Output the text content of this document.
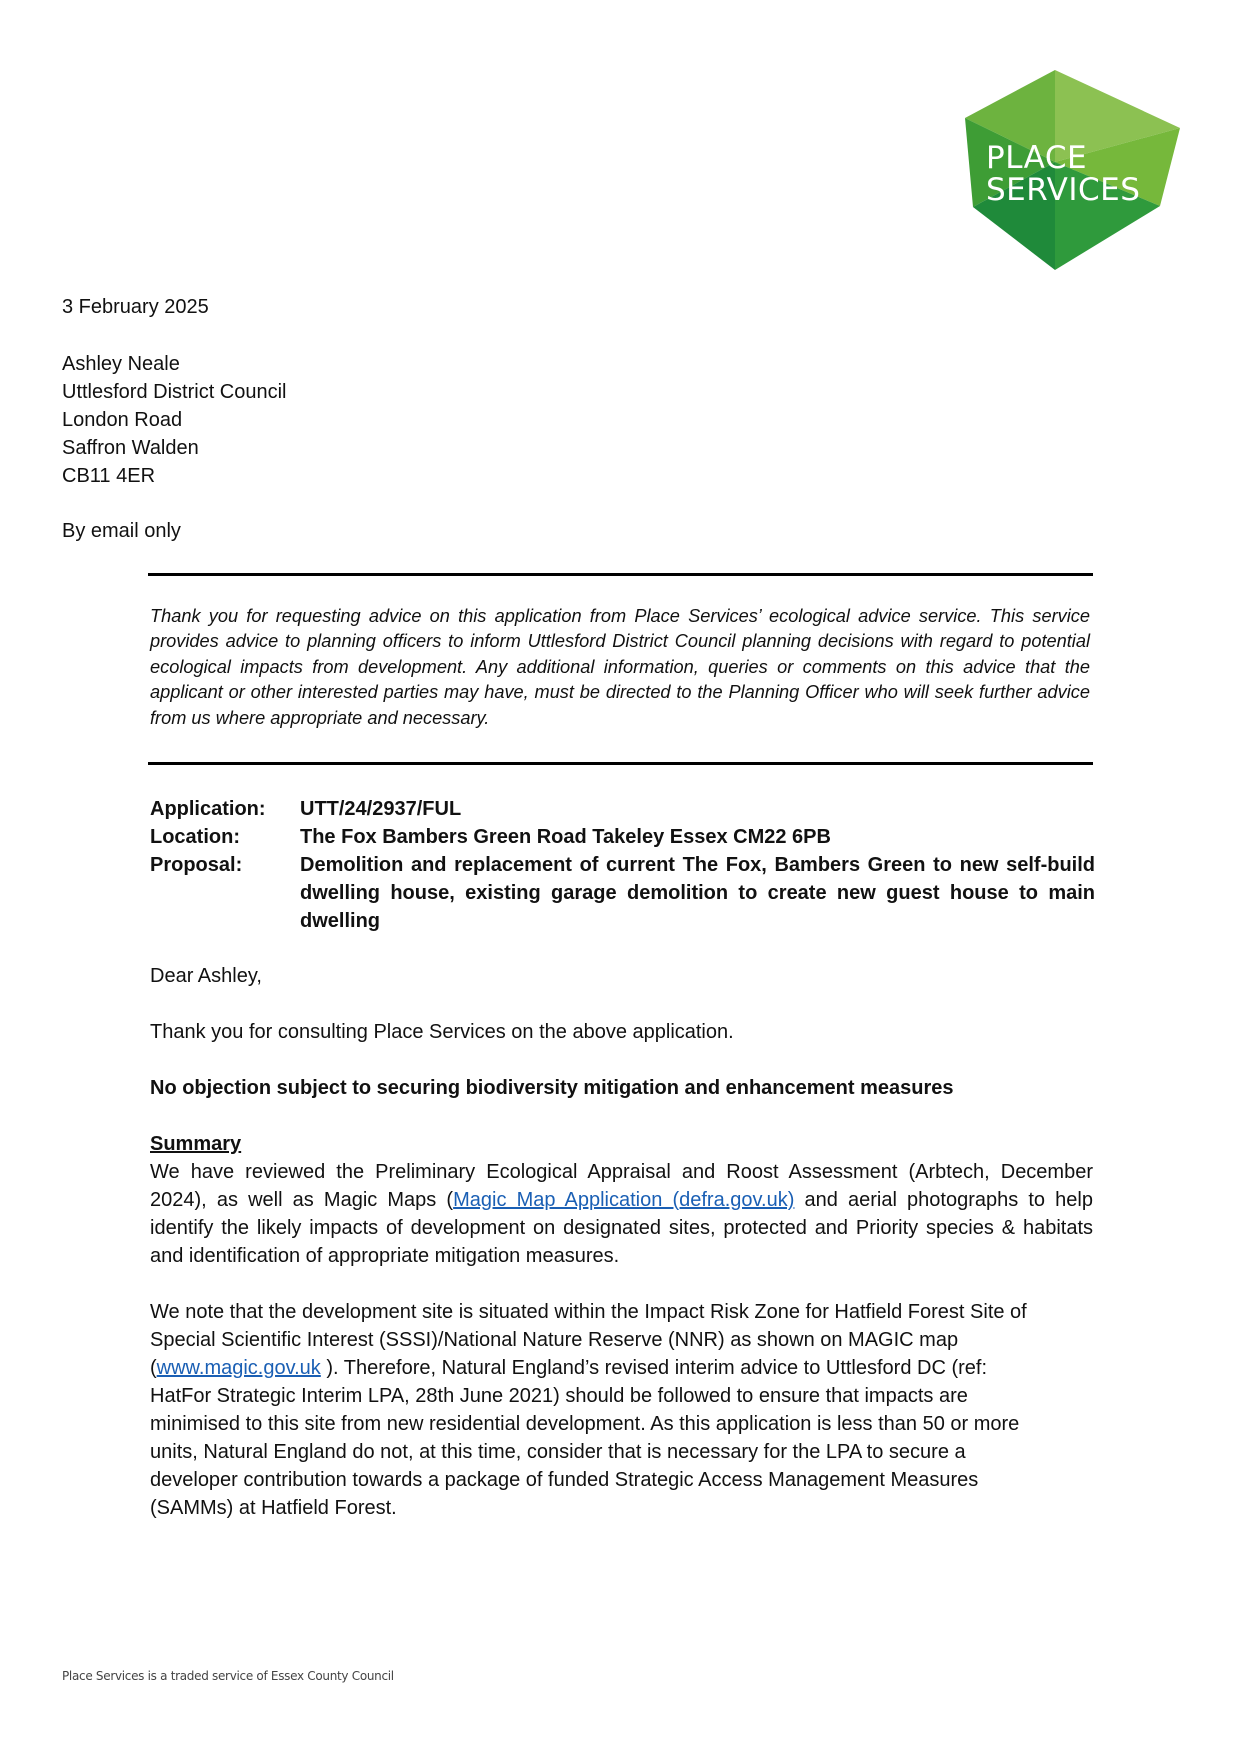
PLACE
SERVICES
3 February 2025
Ashley Neale
Uttlesford District Council
London Road
Saffron Walden
CB11 4ER
By email only
Thank you for requesting advice on this application from Place Services’ ecological advice service. This service provides advice to planning officers to inform Uttlesford District Council planning decisions with regard to potential ecological impacts from development. Any additional information, queries or comments on this advice that the applicant or other interested parties may have, must be directed to the Planning Officer who will seek further advice from us where appropriate and necessary.
Application:	UTT/24/2937/FUL
Location:	The Fox Bambers Green Road Takeley Essex CM22 6PB
Proposal:	Demolition and replacement of current The Fox, Bambers Green to new self-build dwelling house, existing garage demolition to create new guest house to main dwelling
Dear Ashley,
Thank you for consulting Place Services on the above application.
No objection subject to securing biodiversity mitigation and enhancement measures
Summary
We have reviewed the Preliminary Ecological Appraisal and Roost Assessment (Arbtech, December 2024), as well as Magic Maps (Magic Map Application (defra.gov.uk) and aerial photographs to help identify the likely impacts of development on designated sites, protected and Priority species & habitats and identification of appropriate mitigation measures.
We note that the development site is situated within the Impact Risk Zone for Hatfield Forest Site of
Special Scientific Interest (SSSI)/National Nature Reserve (NNR) as shown on MAGIC map
(www.magic.gov.uk ). Therefore, Natural England’s revised interim advice to Uttlesford DC (ref:
HatFor Strategic Interim LPA, 28th June 2021) should be followed to ensure that impacts are
minimised to this site from new residential development. As this application is less than 50 or more
units, Natural England do not, at this time, consider that is necessary for the LPA to secure a
developer contribution towards a package of funded Strategic Access Management Measures
(SAMMs) at Hatfield Forest.
Place Services is a traded service of Essex County Council
